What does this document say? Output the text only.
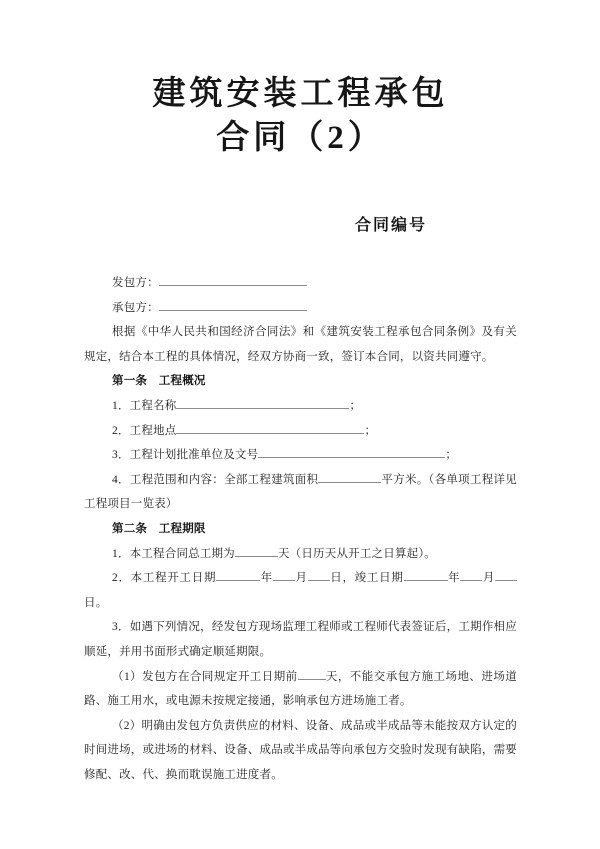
建筑安装工程承包
合同（2）
合同编号

发包方：

承包方：

根据《中华人民共和国经济合同法》和《建筑安装工程承包合同条例》及有关规定，结合本工程的具体情况，经双方协商一致，签订本合同，以资共同遵守。

第一条　工程概况

1．工程名称	；

2．工程地点	；

3．工程计划批准单位及文号	；

4．工程范围和内容：全部工程建筑面积	平方米。（各单项工程详见工程项目一览表）

第二条　工程期限

1．本工程合同总工期为	天（日历天从开工之日算起）。

2．本工程开工日期	年 月 日，竣工日期	年 月日。

3．如遇下列情况，经发包方现场监理工程师或工程师代表签证后，工期作相应顺延，并用书面形式确定顺延期限。

（1）发包方在合同规定开工日期前 天，不能交承包方施工场地、进场道路、施工用水，或电源未按规定接通，影响承包方进场施工者。

（2）明确由发包方负责供应的材料、设备、成品或半成品等未能按双方认定的时间进场，或进场的材料、设备、成品或半成品等向承包方交验时发现有缺陷，需要修配、改、代、换而耽误施工进度者。
